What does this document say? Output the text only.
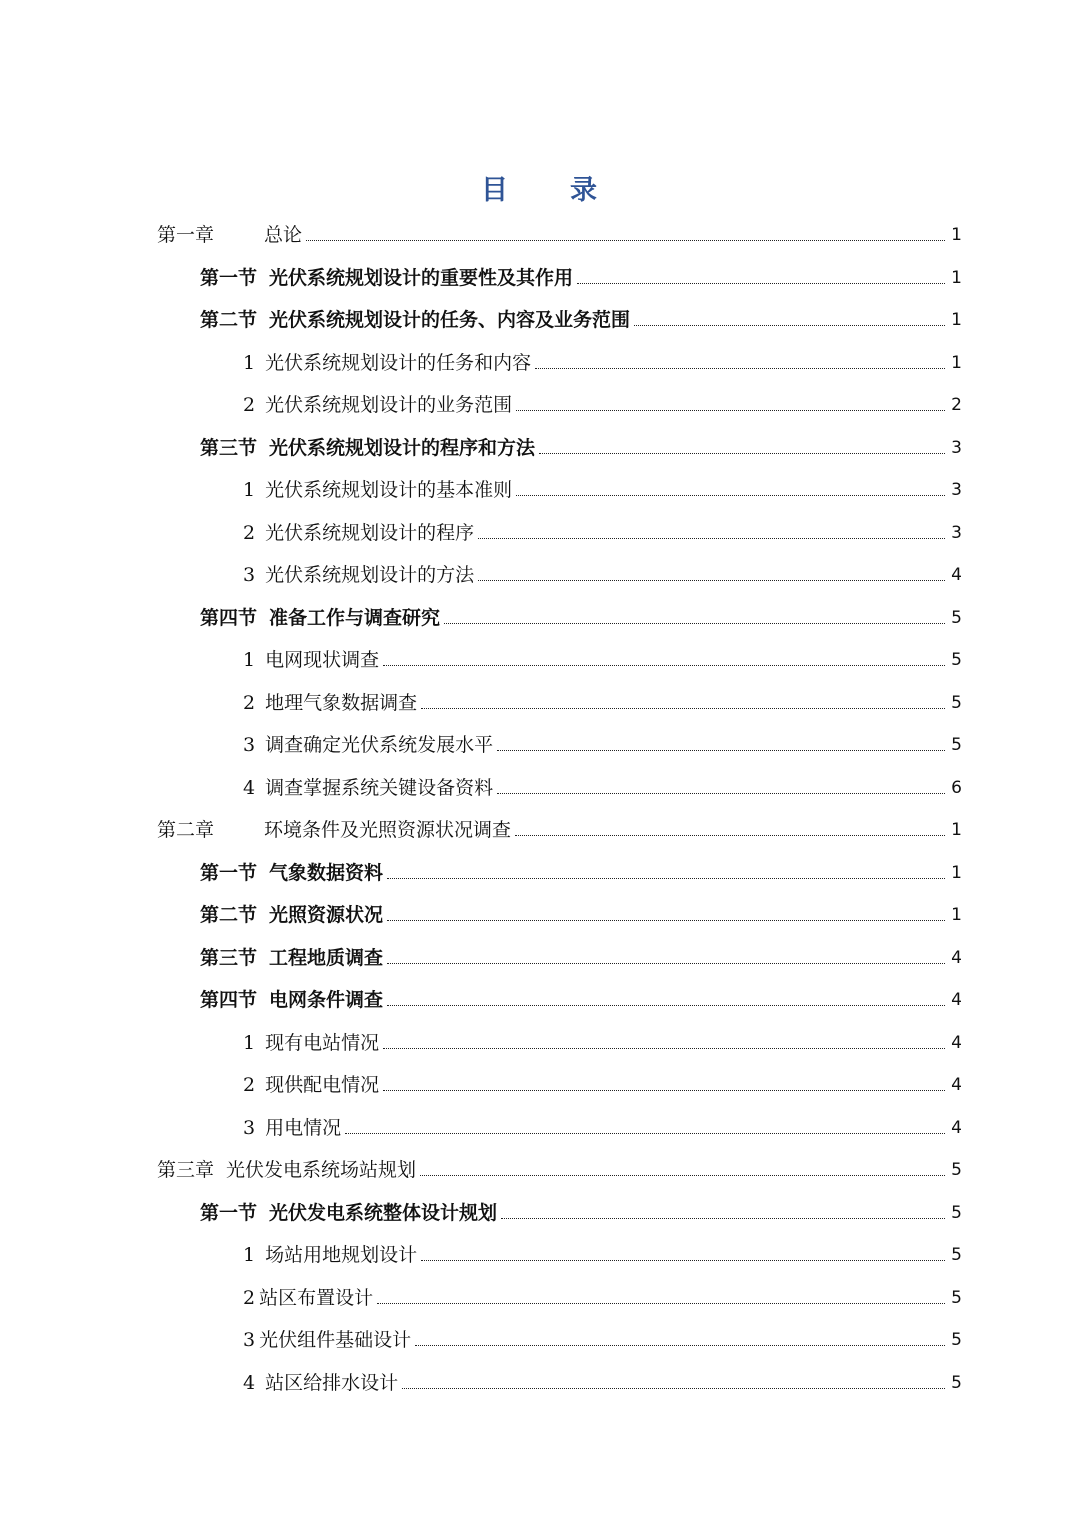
目 录
第一章	总论	1
第一节 光伏系统规划设计的重要性及其作用	1
第二节 光伏系统规划设计的任务、内容及业务范围	1
1 光伏系统规划设计的任务和内容	1
2 光伏系统规划设计的业务范围	2
第三节 光伏系统规划设计的程序和方法	3
1 光伏系统规划设计的基本准则	3
2 光伏系统规划设计的程序	3
3 光伏系统规划设计的方法	4
第四节 准备工作与调查研究	5
1 电网现状调查	5
2 地理气象数据调查	5
3 调查确定光伏系统发展水平	5
4 调查掌握系统关键设备资料	6
第二章	环境条件及光照资源状况调查	1
第一节 气象数据资料	1
第二节 光照资源状况	1
第三节 工程地质调查	4
第四节 电网条件调查	4
1 现有电站情况	4
2 现供配电情况	4
3 用电情况	4
第三章 光伏发电系统场站规划	5
第一节 光伏发电系统整体设计规划	5
1 场站用地规划设计	5
2 站区布置设计	5
3 光伏组件基础设计	5
4 站区给排水设计	5
